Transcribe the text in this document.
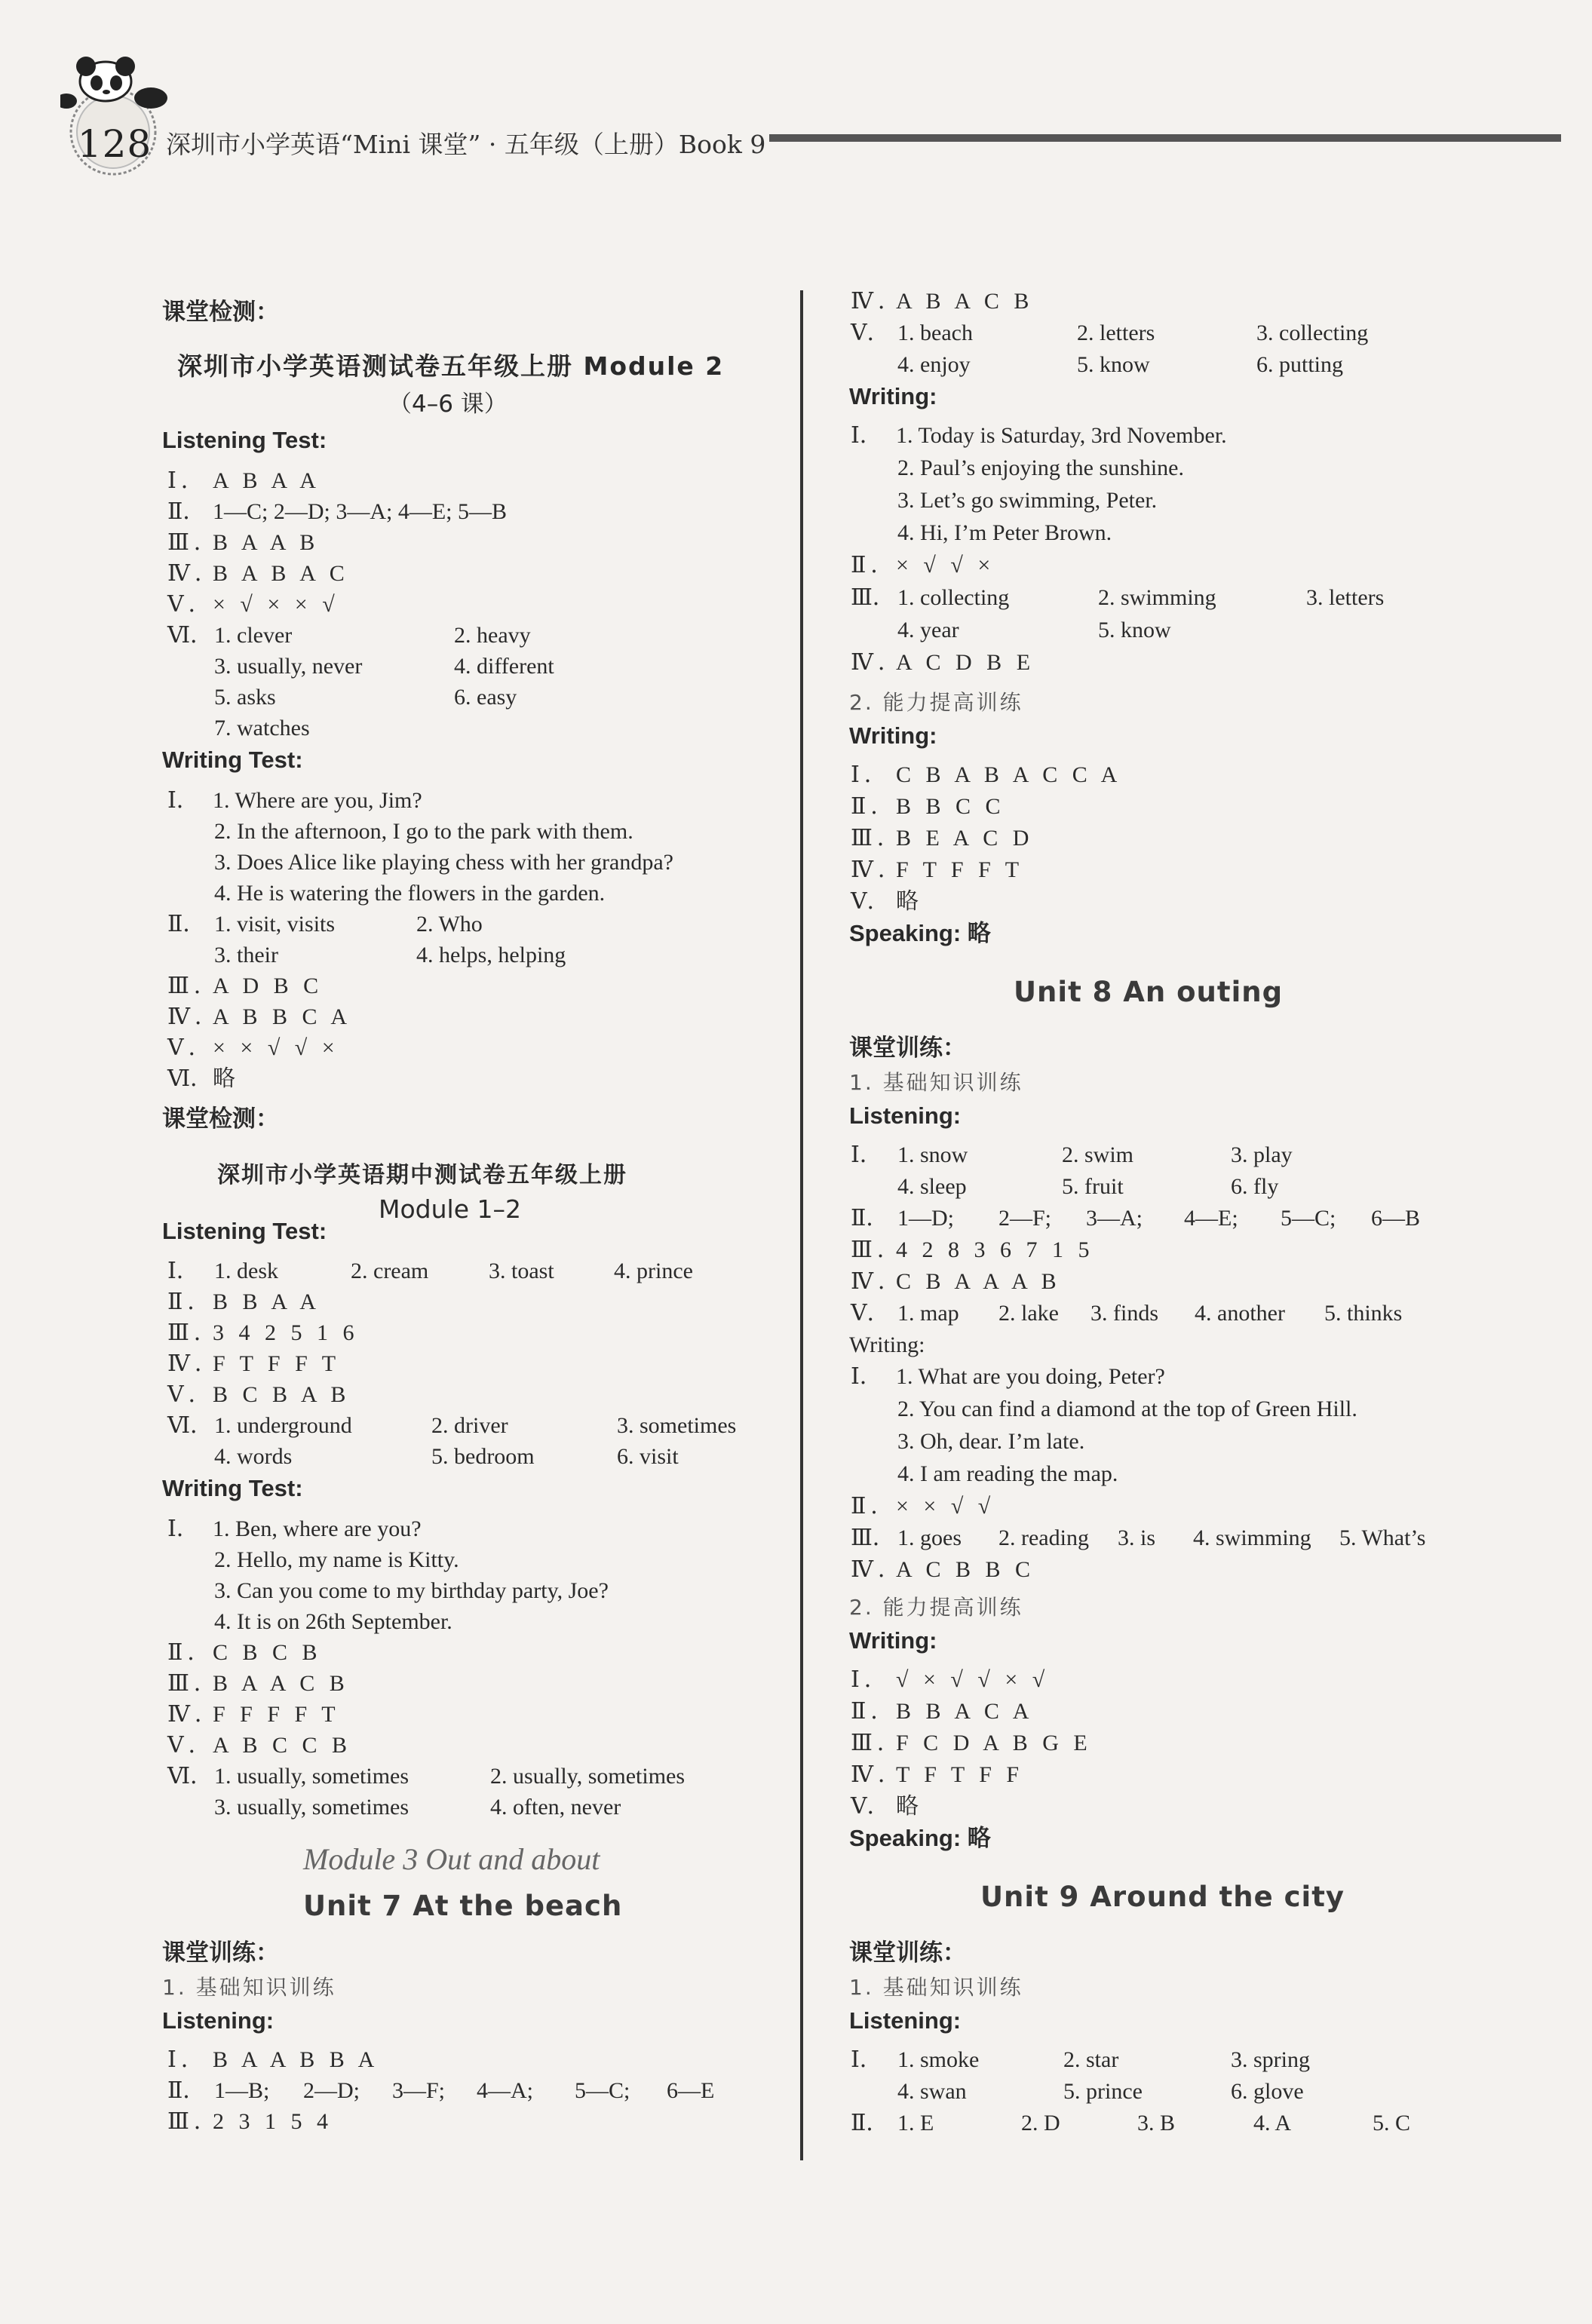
128 深圳市小学英语“Mini 课堂” · 五年级（上册）Book 9
课堂检测：
深圳市小学英语测试卷五年级上册 Module 2
（4–6 课）
Listening Test:
Ⅰ． A B A A
Ⅱ． 1—C; 2—D; 3—A; 4—E; 5—B
Ⅲ．B A A B
Ⅳ．B A B A C
Ⅴ．× √ × × √
Ⅵ． 1. clever	2. heavy
3. usually, never	4. different
5. asks	6. easy
7. watches
Writing Test:
Ⅰ． 1. Where are you, Jim?
2. In the afternoon, I go to the park with them.
3. Does Alice like playing chess with her grandpa?
4. He is watering the flowers in the garden.
Ⅱ． 1. visit, visits	2. Who
3. their	4. helps, helping
Ⅲ．A D B C
Ⅳ．A B B C A
Ⅴ．× × √ √ ×
Ⅵ．略
课堂检测：
深圳市小学英语期中测试卷五年级上册
Module 1–2
Listening Test:
Ⅰ． 1. desk	2. cream	3. toast	4. prince
Ⅱ．B B A A
Ⅲ．3 4 2 5 1 6
Ⅳ．F T F F T
Ⅴ．B C B A B
Ⅵ． 1. underground	2. driver	3. sometimes
4. words	5. bedroom	6. visit
Writing Test:
Ⅰ． 1. Ben, where are you?
2. Hello, my name is Kitty.
3. Can you come to my birthday party, Joe?
4. It is on 26th September.
Ⅱ．C B C B
Ⅲ．B A A C B
Ⅳ．F F F F T
Ⅴ．A B C C B
Ⅵ． 1. usually, sometimes	2. usually, sometimes
3. usually, sometimes	4. often, never
Module 3 Out and about
Unit 7 At the beach
课堂训练：
1. 基础知识训练
Listening:
Ⅰ． B A A B B A
Ⅱ． 1—B; 2—D; 3—F; 4—A; 5—C; 6—E
Ⅲ．2 3 1 5 4
Ⅳ．A B A C B
Ⅴ． 1. beach	2. letters	3. collecting
4. enjoy	5. know	6. putting
Writing:
Ⅰ． 1. Today is Saturday, 3rd November.
2. Paul’s enjoying the sunshine.
3. Let’s go swimming, Peter.
4. Hi, I’m Peter Brown.
Ⅱ．× √ √ ×
Ⅲ． 1. collecting	2. swimming	3. letters
4. year	5. know
Ⅳ．A C D B E
2. 能力提高训练
Writing:
Ⅰ． C B A B A C C A
Ⅱ．B B C C
Ⅲ．B E A C D
Ⅳ．F T F F T
Ⅴ． 略
Speaking: 略
Unit 8 An outing
课堂训练：
1. 基础知识训练
Listening:
Ⅰ． 1. snow	2. swim	3. play
4. sleep	5. fruit	6. fly
Ⅱ． 1—D; 2—F; 3—A; 4—E; 5—C; 6—B
Ⅲ．4 2 8 3 6 7 1 5
Ⅳ．C B A A A B
Ⅴ． 1. map 2. lake 3. finds 4. another 5. thinks
Writing:
Ⅰ． 1. What are you doing, Peter?
2. You can find a diamond at the top of Green Hill.
3. Oh, dear. I’m late.
4. I am reading the map.
Ⅱ．× × √ √
Ⅲ． 1. goes 2. reading 3. is 4. swimming 5. What’s
Ⅳ．A C B B C
2. 能力提高训练
Writing:
Ⅰ． √ × √ √ × √
Ⅱ．B B A C A
Ⅲ．F C D A B G E
Ⅳ．T F T F F
Ⅴ． 略
Speaking: 略
Unit 9 Around the city
课堂训练：
1. 基础知识训练
Listening:
Ⅰ． 1. smoke	2. star	3. spring
4. swan	5. prince	6. glove
Ⅱ． 1. E	2. D	3. B	4. A	5. C
